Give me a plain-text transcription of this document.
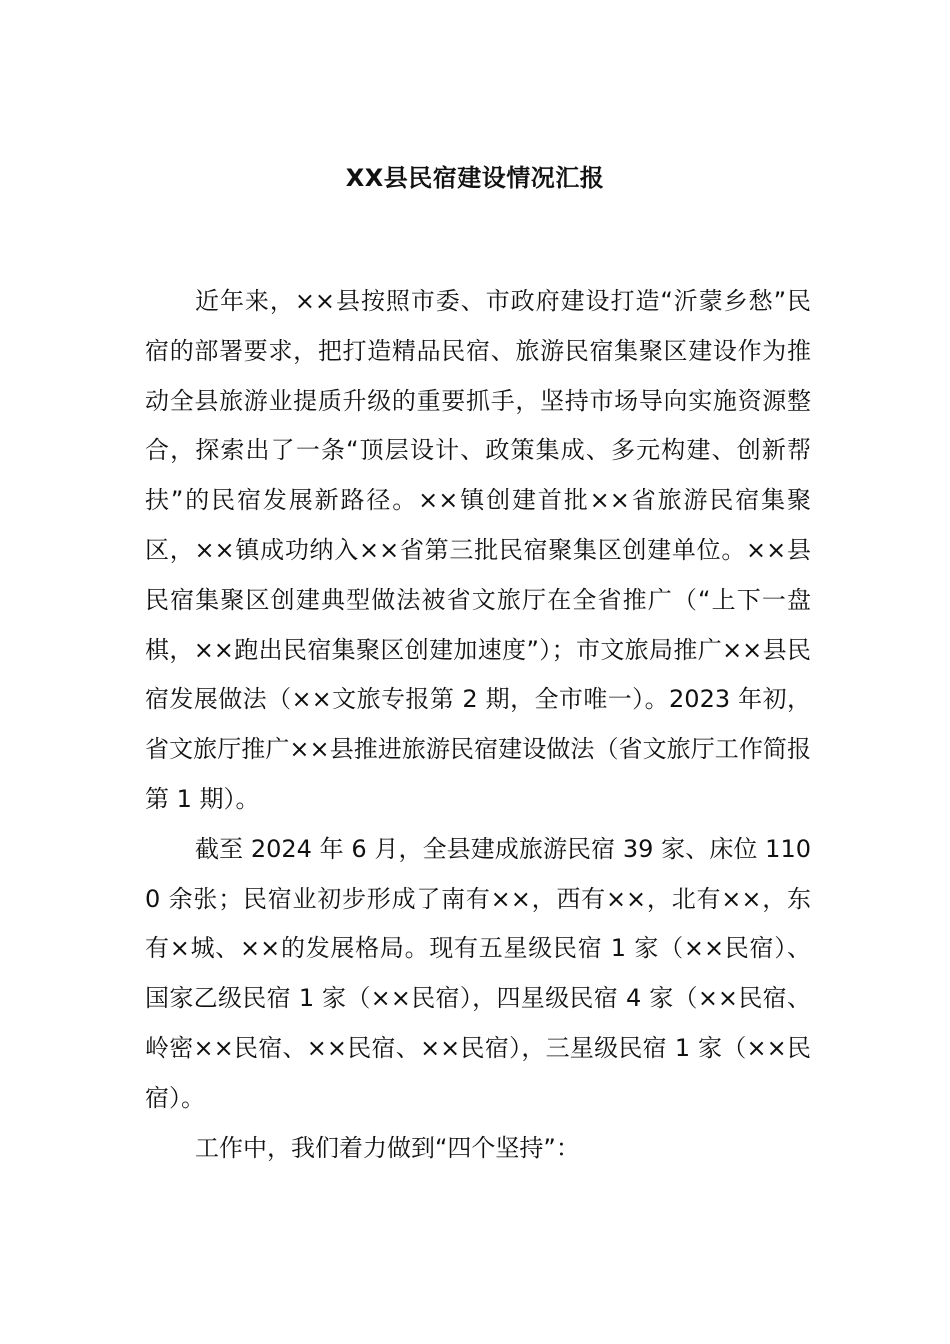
XX县民宿建设情况汇报

近年来，××县按照市委、市政府建设打造“沂蒙乡愁”民宿的部署要求，把打造精品民宿、旅游民宿集聚区建设作为推动全县旅游业提质升级的重要抓手，坚持市场导向实施资源整合，探索出了一条“顶层设计、政策集成、多元构建、创新帮扶”的民宿发展新路径。××镇创建首批××省旅游民宿集聚区，××镇成功纳入××省第三批民宿聚集区创建单位。××县民宿集聚区创建典型做法被省文旅厅在全省推广（“上下一盘棋，××跑出民宿集聚区创建加速度”）；市文旅局推广××县民宿发展做法（××文旅专报第 2 期，全市唯一）。2023 年初，省文旅厅推广××县推进旅游民宿建设做法（省文旅厅工作简报第 1 期）。

截至 2024 年 6 月，全县建成旅游民宿 39 家、床位 1100 余张；民宿业初步形成了南有××，西有××，北有××，东有×城、××的发展格局。现有五星级民宿 1 家（××民宿）、国家乙级民宿 1 家（××民宿），四星级民宿 4 家（××民宿、岭密××民宿、××民宿、××民宿），三星级民宿 1 家（××民宿）。

工作中，我们着力做到“四个坚持”：
